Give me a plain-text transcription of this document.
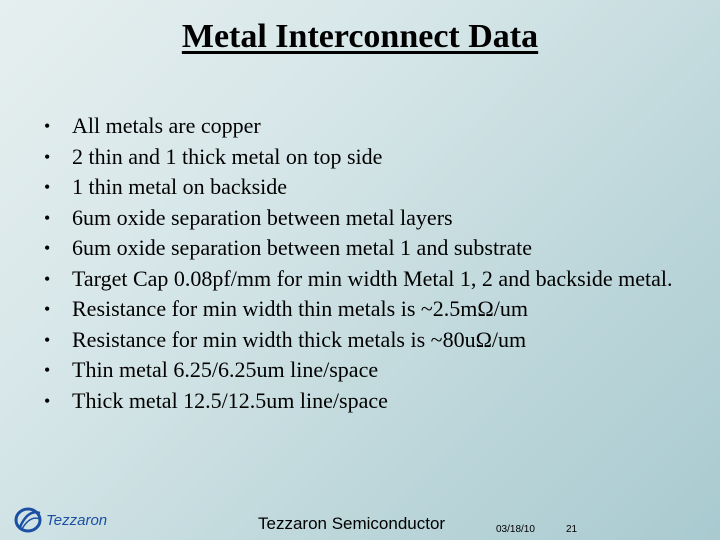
Metal Interconnect Data
• All metals are copper
• 2 thin and 1 thick metal on top side
• 1 thin metal on backside
• 6um oxide separation between metal layers
• 6um oxide separation between metal 1 and substrate
• Target Cap 0.08pf/mm for min width Metal 1, 2 and backside metal.
• Resistance for min width thin metals is ~2.5mΩ/um
• Resistance for min width thick metals is ~80uΩ/um
• Thin metal 6.25/6.25um line/space
• Thick metal 12.5/12.5um line/space
Tezzaron	Tezzaron Semiconductor	03/18/10	21
